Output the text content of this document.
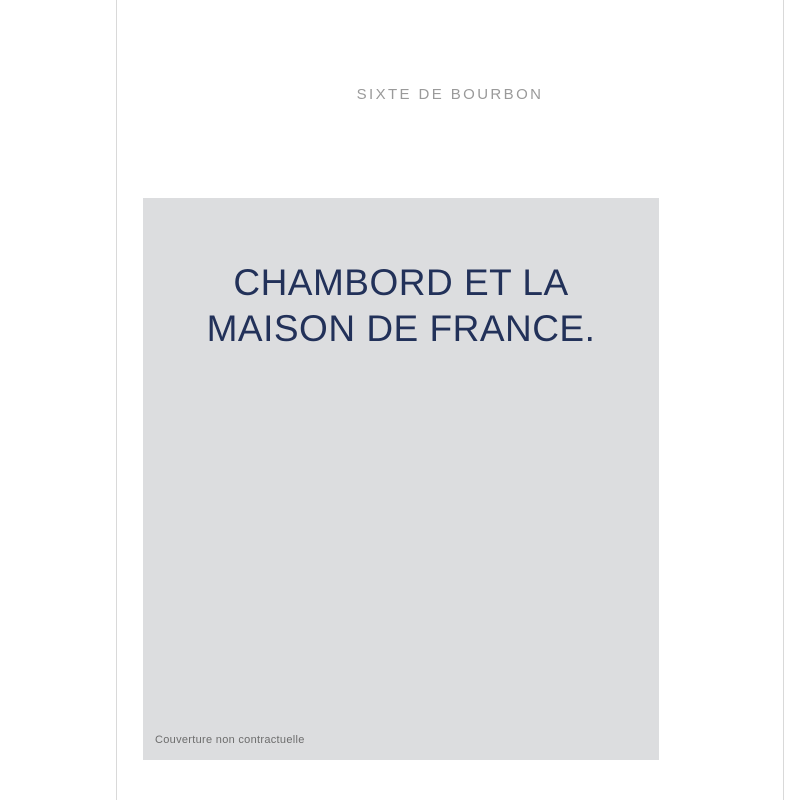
SIXTE DE BOURBON
CHAMBORD ET LA
MAISON DE FRANCE.
Couverture non contractuelle
